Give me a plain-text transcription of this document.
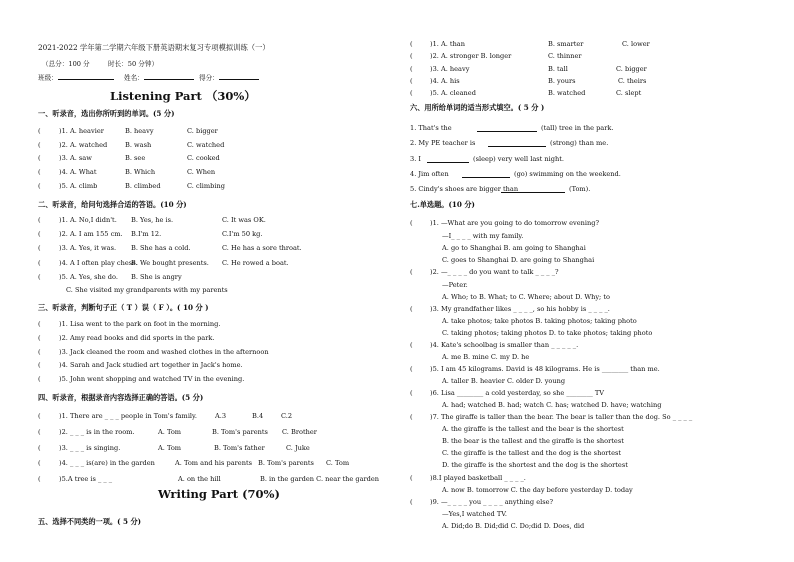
2021-2022 学年第二学期六年级下册英语期末复习专项模拟训练（一）
（总分：100 分	时长：50 分钟）
班级：	姓名：	得分：
Listening Part （30%）
一、听录音，选出你所听到的单词。(5 分)
(	)1. A. heavier	B. heavy	C. bigger
(	)2. A. watched	B. wash	C. watched
(	)3. A. saw	B. see	C. cooked
(	)4. A. What	B. Which	C. When
(	)5. A. climb	B. climbed	C. climbing
二、听录音，给问句选择合适的答语。(10 分)
(	)1. A. No,I didn't. B. Yes, he is.	C. It was OK.
(	)2. A. I am 155 cm. B.I'm 12.	C.I'm 50 kg.
(	)3. A. Yes, it was. B. She has a cold.	C. He has a sore throat.
(	)4. A I often play chess.
B. We bought presents. C. He rowed a boat.
(	)5. A. Yes, she do. B. She is angry
C. She visited my grandparents with my parents
三、听录音，判断句子正（ T ）误（ F ）。( 10 分 )
(	)1. Lisa went to the park on foot in the morning.
(	)2. Amy read books and did sports in the park.
(	)3. Jack cleaned the room and washed clothes in the afternoon
(	)4. Sarah and Jack studied art together in Jack's home.
(	)5. John went shopping and watched TV in the evening.
四、听录音，根据录音内容选择正确的答语。(5 分)
(	)1. There are _ _ _ people in Tom's family.	A.3	B.4	C.2
(	)2. _ _ _ is in the room.	A. Tom	B. Tom's parents C. Brother
(	)3. _ _ _ is singing.	A. Tom	B. Tom's father	C. Juke
(	)4. _ _ _ is(are) in the garden	A. Tom and his parents B. Tom's parents C. Tom
(	)5.A tree is _ _ _	A. on the hill	B. in the garden C. near the garden
Writing Part (70%)
五、选择不同类的一项。( 5 分)
(	)1. A. than	B. smarter	C. lower
(	)2. A. stronger B. longer	C. thinner
(	)3. A. heavy	B. tall	C. bigger
(	)4. A. his	B. yours	C. theirs
(	)5. A. cleaned	B. watched	C. slept
六、用所给单词的适当形式填空。( 5 分 )
1. That's the	(tall) tree in the park.
2. My PE teacher is	(strong) than me.
3. I	(sleep) very well last night.
4. Jim often	(go) swimming on the weekend.
5. Cindy's shoes are bigger than	(Tom).
七.单选题。(10 分)
(	)1. —What are you going to do tomorrow evening?
—I_ _ _ _ with my family.
A. go to Shanghai B. am going to Shanghai
C. goes to Shanghai D. are going to Shanghai
(	)2. —_ _ _ _ do you want to talk _ _ _ _?
—Peter.
A. Who; to B. What; to C. Where; about D. Why; to
(	)3. My grandfather likes _ _ _ _, so his hobby is _ _ _ _.
A. take photos; take photos B. taking photos; taking photo
C. taking photos; taking photos D. to take photos; taking photo
(	)4. Kate's schoolbag is smaller than _ _ _ _ _.
A. me B. mine C. my D. he
(	)5. I am 45 kilograms. David is 48 kilograms. He is ________ than me.
A. taller B. heavier C. older D. young
(	)6. Lisa ________ a cold yesterday, so she ________ TV
A. had; watched B. had; watch C. has; watched D. have; watching
(	)7. The giraffe is taller than the bear. The bear is taller than the dog. So _ _ _ _
A. the giraffe is the tallest and the bear is the shortest
B. the bear is the tallest and the giraffe is the shortest
C. the giraffe is the tallest and the dog is the shortest
D. the giraffe is the shortest and the dog is the shortest
(	)8.I played basketball _ _ _ _.
A. now B. tomorrow C. the day before yesterday D. today
(	)9. —_ _ _ _ you _ _ _ _ anything else?
—Yes,I watched TV.
A. Did;do B. Did;did C. Do;did D. Does, did
